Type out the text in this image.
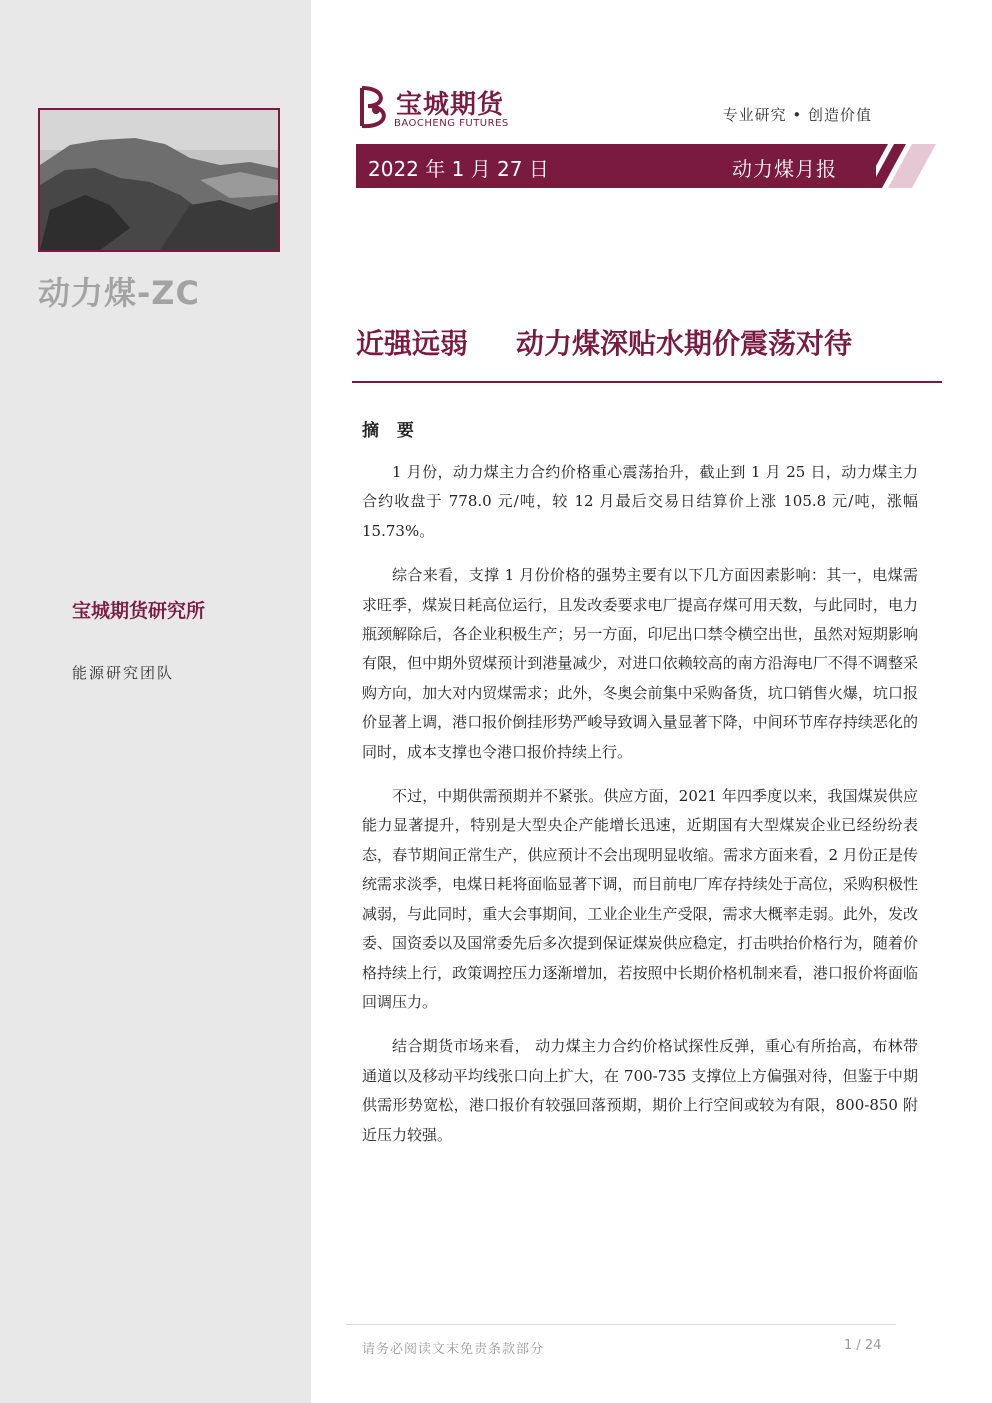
动力煤-ZC
宝城期货研究所
能源研究团队
宝城期货
BAOCHENG FUTURES	专业研究 • 创造价值
2022 年 1 月 27 日	动力煤月报
近强远弱 动力煤深贴水期价震荡对待
摘 要

1 月份，动力煤主力合约价格重心震荡抬升，截止到 1 月 25 日，动力煤主力合约收盘于 778.0 元/吨，较 12 月最后交易日结算价上涨 105.8 元/吨，涨幅 15.73%。

综合来看，支撑 1 月份价格的强势主要有以下几方面因素影响：其一，电煤需求旺季，煤炭日耗高位运行，且发改委要求电厂提高存煤可用天数，与此同时，电力瓶颈解除后，各企业积极生产；另一方面，印尼出口禁令横空出世，虽然对短期影响有限，但中期外贸煤预计到港量减少，对进口依赖较高的南方沿海电厂不得不调整采购方向，加大对内贸煤需求；此外，冬奥会前集中采购备货，坑口销售火爆，坑口报价显著上调，港口报价倒挂形势严峻导致调入量显著下降，中间环节库存持续恶化的同时，成本支撑也令港口报价持续上行。

不过，中期供需预期并不紧张。供应方面，2021 年四季度以来，我国煤炭供应能力显著提升，特别是大型央企产能增长迅速，近期国有大型煤炭企业已经纷纷表态，春节期间正常生产，供应预计不会出现明显收缩。需求方面来看，2 月份正是传统需求淡季，电煤日耗将面临显著下调，而目前电厂库存持续处于高位，采购积极性减弱，与此同时，重大会事期间，工业企业生产受限，需求大概率走弱。此外，发改委、国资委以及国常委先后多次提到保证煤炭供应稳定，打击哄抬价格行为，随着价格持续上行，政策调控压力逐渐增加，若按照中长期价格机制来看，港口报价将面临回调压力。

结合期货市场来看， 动力煤主力合约价格试探性反弹，重心有所抬高，布林带通道以及移动平均线张口向上扩大，在 700-735 支撑位上方偏强对待，但鉴于中期供需形势宽松，港口报价有较强回落预期，期价上行空间或较为有限，800-850 附近压力较强。

请务必阅读文末免责条款部分	1 / 24
